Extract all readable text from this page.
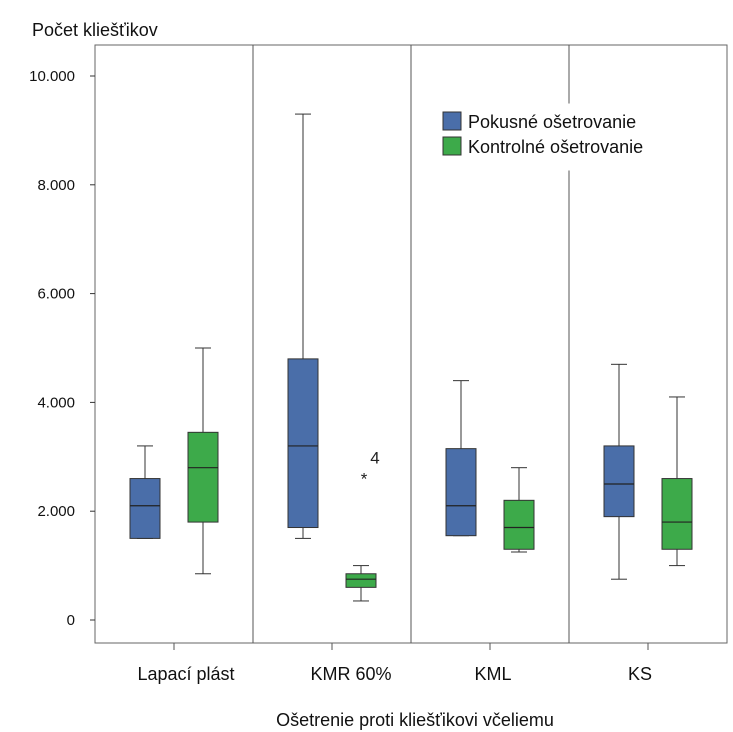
0
2.000
4.000
6.000
8.000
10.000
Lapací plást	KMR 60%	KML	KS
*
4
Počet kliešťikov
Ošetrenie proti kliešťikovi včeliemu
Pokusné ošetrovanie
Kontrolné ošetrovanie
